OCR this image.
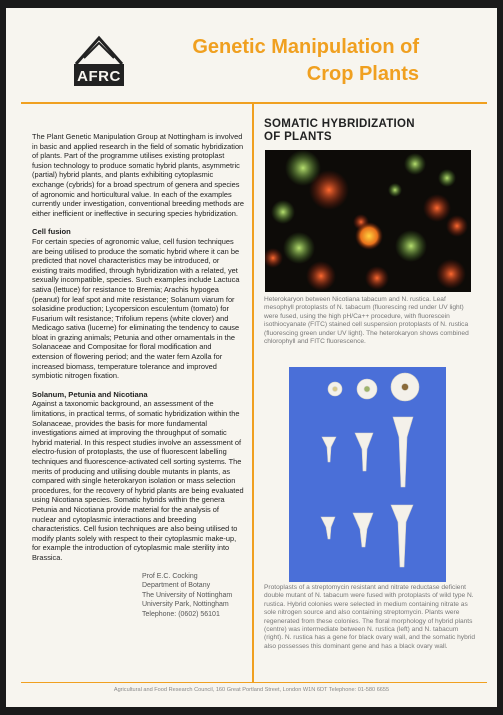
AFRC
Genetic Manipulation of
Crop Plants

The Plant Genetic Manipulation Group at Nottingham is involved in basic and applied research in the field of somatic hybridization of plants. Part of the programme utilises existing protoplast fusion technology to produce somatic hybrid plants, asymmetric (partial) hybrid plants, and plants exhibiting cytoplasmic exchange (cybrids) for a broad spectrum of genera and species of agronomic and horticultural value. In each of the examples currently under investigation, conventional breeding methods are either inefficient or ineffective in securing species hybridization.

Cell fusion

For certain species of agronomic value, cell fusion techniques are being utilised to produce the somatic hybrid where it can be predicted that novel characteristics may be introduced, or existing traits modified, through hybridization with a related, yet sexually incompatible, species. Such examples include Lactuca sativa (lettuce) for resistance to Bremia; Arachis hypogea (peanut) for leaf spot and mite resistance; Solanum viarum for solasidine production; Lycopersicon esculentum (tomato) for Fusarium wilt resistance; Trifolium repens (white clover) and Medicago sativa (lucerne) for eliminating the tendency to cause bloat in grazing animals; Petunia and other ornamentals in the Solanaceae and Compositae for floral modification and extension of flowering period; and the water fern Azolla for increased biomass, temperature tolerance and improved symbiotic nitrogen fixation.

Solanum, Petunia and Nicotiana

Against a taxonomic background, an assessment of the limitations, in practical terms, of somatic hybridization within the Solanaceae, provides the basis for more fundamental investigations aimed at improving the throughput of somatic hybrid material. In this respect studies involve an assessment of electro-fusion of protoplasts, the use of fluorescent labelling techniques and fluorescence-activated cell sorting systems. The merits of producing and utilising double mutants in plants, as compared with single heterokaryon isolation or mass selection procedures, for the recovery of hybrid plants are being evaluated using Nicotiana species. Somatic hybrids within the genera Petunia and Nicotiana provide material for the analysis of nuclear and cytoplasmic interactions and breeding characteristics. Cell fusion techniques are also being utilised to modify plants solely with respect to their cytoplasmic make-up, for example the introduction of cytoplasmic male sterility into Brassica.

Prof E.C. Cocking
Department of Botany
The University of Nottingham
University Park, Nottingham
Telephone: (0602) 56101
SOMATIC HYBRIDIZATION
OF PLANTS
Heterokaryon between Nicotiana tabacum and N. rustica. Leaf mesophyll protoplasts of N. tabacum (fluorescing red under UV light) were fused, using the high pH/Ca++ procedure, with fluorescein isothiocyanate (FITC) stained cell suspension protoplasts of N. rustica (fluorescing green under UV light). The heterokaryon shows combined chlorophyll and FITC fluorescence.
Protoplasts of a streptomycin resistant and nitrate reductase deficient double mutant of N. tabacum were fused with protoplasts of wild type N. rustica. Hybrid colonies were selected in medium containing nitrate as sole nitrogen source and also containing streptomycin. Plants were regenerated from these colonies. The floral morphology of hybrid plants (centre) was intermediate between N. rustica (left) and N. tabacum (right). N. rustica has a gene for black ovary wall, and the somatic hybrid also possesses this dominant gene and has a black ovary wall.
Agricultural and Food Research Council, 160 Great Portland Street, London W1N 6DT Telephone: 01-580 6655
